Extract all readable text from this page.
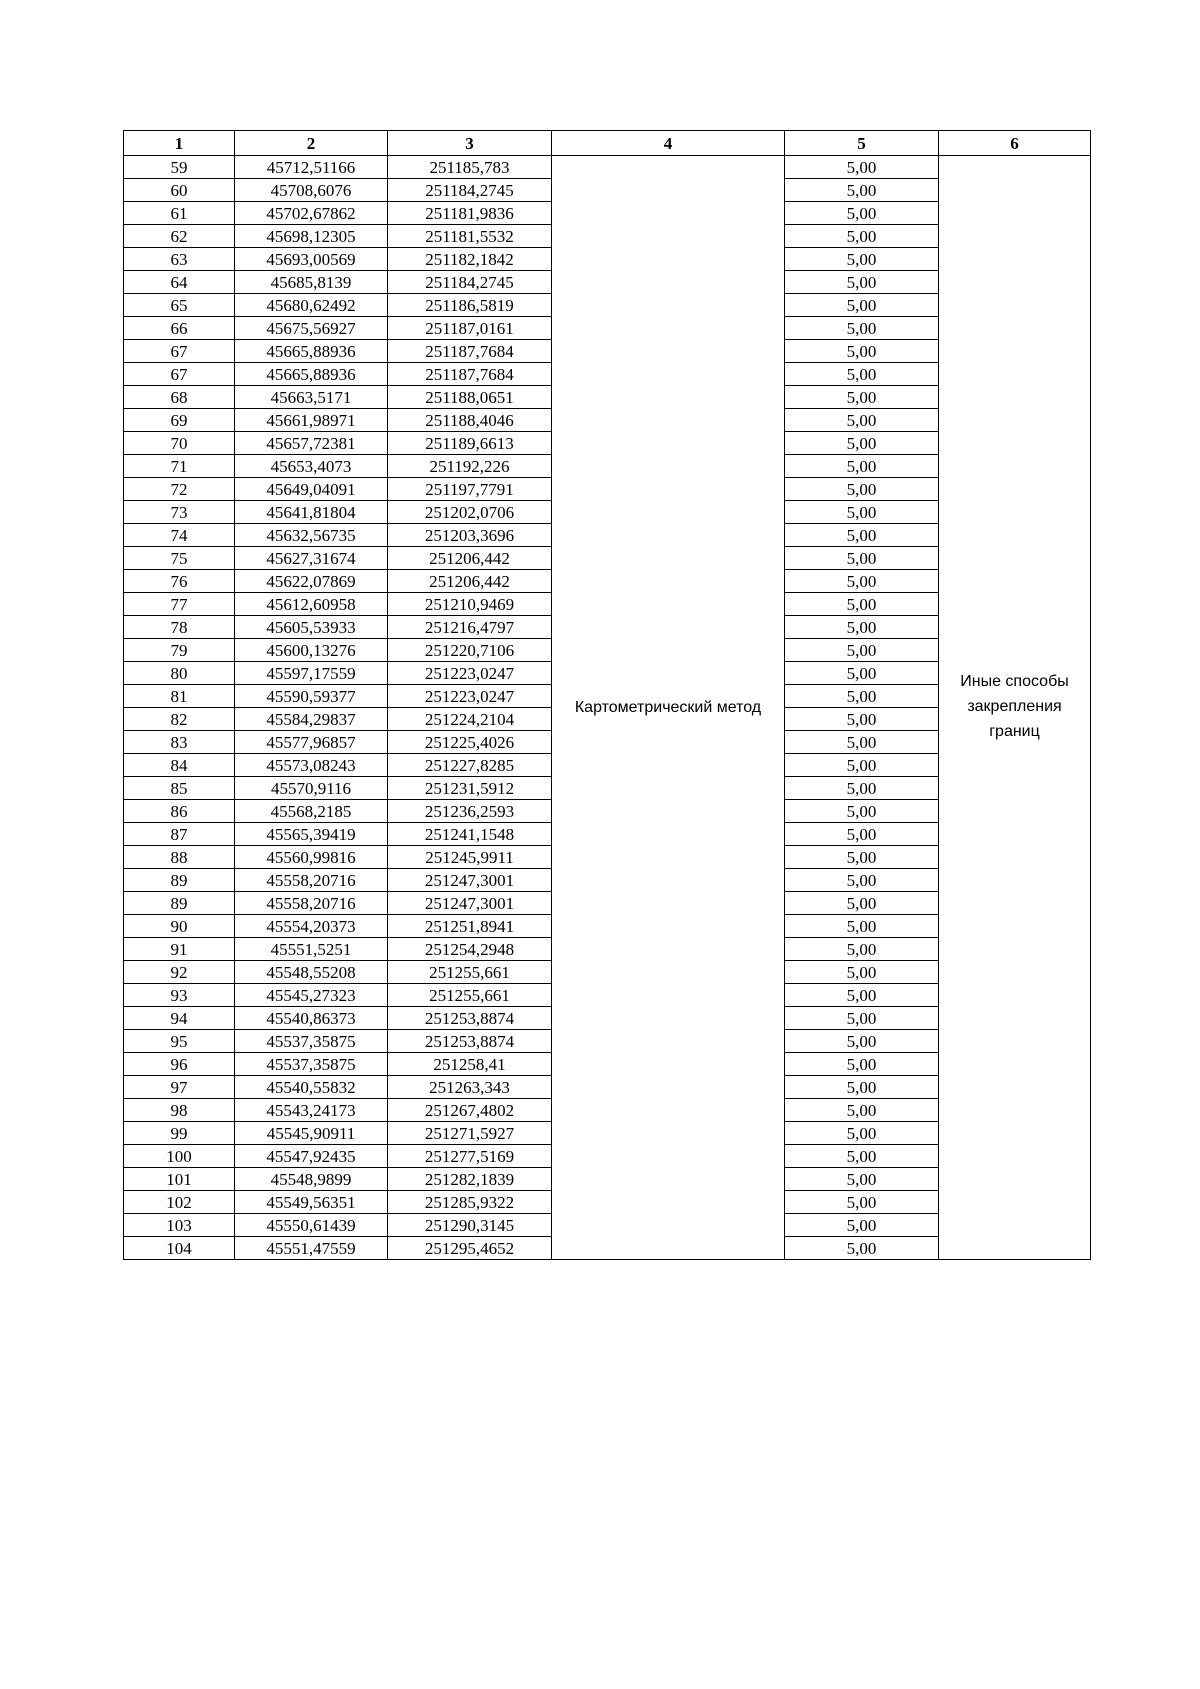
1	2	3	4	5	6
59	45712,51166	251185,783	Картометрический метод	5,00	Иные способы закрепления границ
60	45708,6076	251184,2745		5,00	
61	45702,67862	251181,9836		5,00	
62	45698,12305	251181,5532		5,00	
63	45693,00569	251182,1842		5,00	
64	45685,8139	251184,2745		5,00	
65	45680,62492	251186,5819		5,00	
66	45675,56927	251187,0161		5,00	
67	45665,88936	251187,7684		5,00	
67	45665,88936	251187,7684		5,00	
68	45663,5171	251188,0651		5,00	
69	45661,98971	251188,4046		5,00	
70	45657,72381	251189,6613		5,00	
71	45653,4073	251192,226		5,00	
72	45649,04091	251197,7791		5,00	
73	45641,81804	251202,0706		5,00	
74	45632,56735	251203,3696		5,00	
75	45627,31674	251206,442		5,00	
76	45622,07869	251206,442		5,00	
77	45612,60958	251210,9469		5,00	
78	45605,53933	251216,4797		5,00	
79	45600,13276	251220,7106		5,00	
80	45597,17559	251223,0247		5,00	
81	45590,59377	251223,0247		5,00	
82	45584,29837	251224,2104		5,00	
83	45577,96857	251225,4026		5,00	
84	45573,08243	251227,8285		5,00	
85	45570,9116	251231,5912		5,00	
86	45568,2185	251236,2593		5,00	
87	45565,39419	251241,1548		5,00	
88	45560,99816	251245,9911		5,00	
89	45558,20716	251247,3001		5,00	
89	45558,20716	251247,3001		5,00	
90	45554,20373	251251,8941		5,00	
91	45551,5251	251254,2948		5,00	
92	45548,55208	251255,661		5,00	
93	45545,27323	251255,661		5,00	
94	45540,86373	251253,8874		5,00	
95	45537,35875	251253,8874		5,00	
96	45537,35875	251258,41		5,00	
97	45540,55832	251263,343		5,00	
98	45543,24173	251267,4802		5,00	
99	45545,90911	251271,5927		5,00	
100	45547,92435	251277,5169		5,00	
101	45548,9899	251282,1839		5,00	
102	45549,56351	251285,9322		5,00	
103	45550,61439	251290,3145		5,00	
104	45551,47559	251295,4652		5,00	
